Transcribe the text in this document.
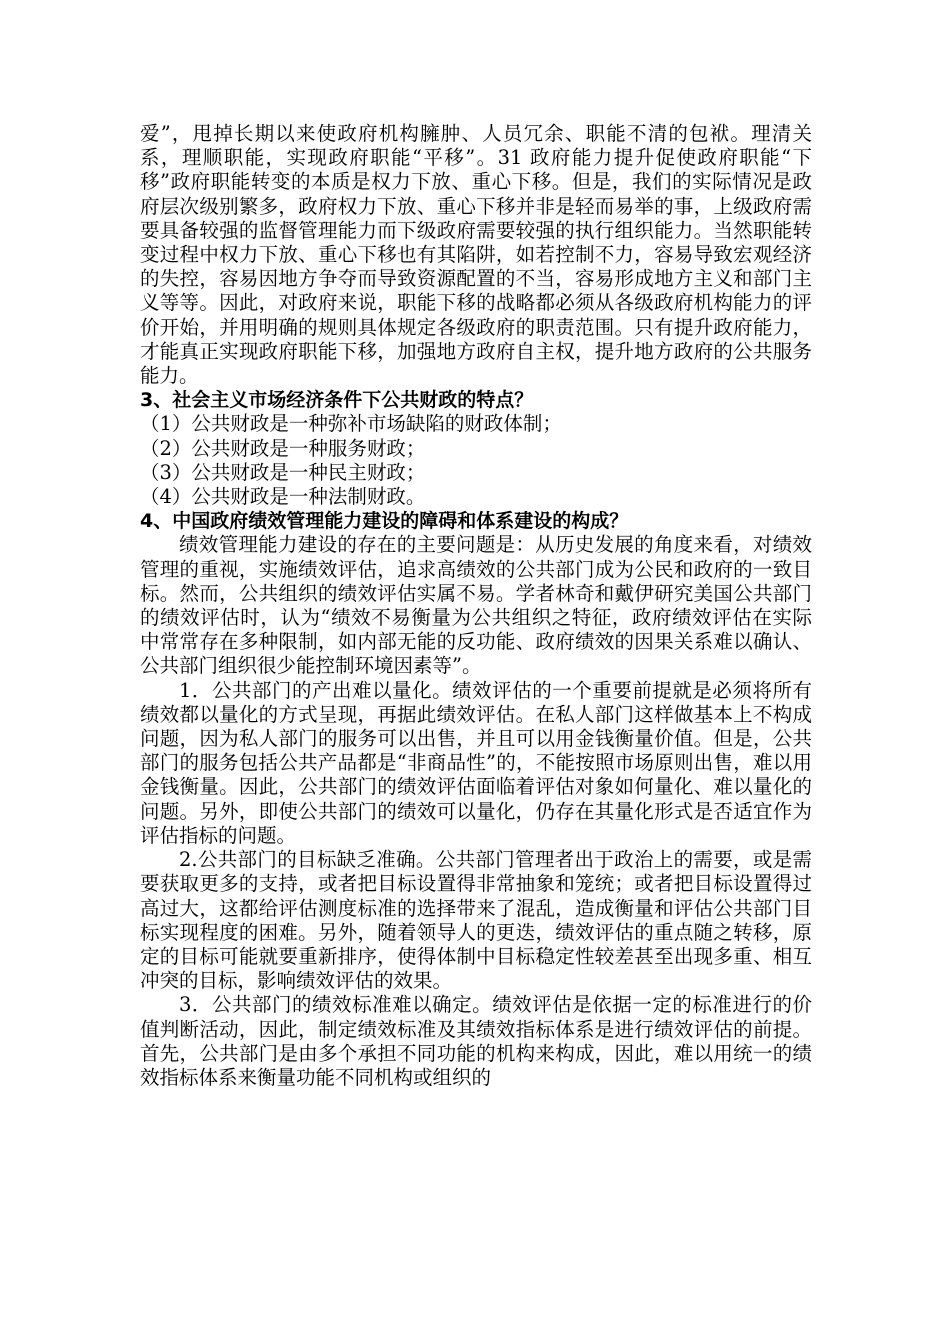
爱”，甩掉长期以来使政府机构臃肿、人员冗余、职能不清的包袱。理清关系，理顺职能，实现政府职能“平移”。31 政府能力提升促使政府职能“下移”政府职能转变的本质是权力下放、重心下移。但是，我们的实际情况是政府层次级别繁多，政府权力下放、重心下移并非是轻而易举的事，上级政府需要具备较强的监督管理能力而下级政府需要较强的执行组织能力。当然职能转变过程中权力下放、重心下移也有其陷阱，如若控制不力，容易导致宏观经济的失控，容易因地方争夺而导致资源配置的不当，容易形成地方主义和部门主义等等。因此，对政府来说，职能下移的战略都必须从各级政府机构能力的评价开始，并用明确的规则具体规定各级政府的职责范围。只有提升政府能力，才能真正实现政府职能下移，加强地方政府自主权，提升地方政府的公共服务能力。

3、社会主义市场经济条件下公共财政的特点？

（1）公共财政是一种弥补市场缺陷的财政体制；

（2）公共财政是一种服务财政；

（3）公共财政是一种民主财政；

（4）公共财政是一种法制财政。

4、中国政府绩效管理能力建设的障碍和体系建设的构成？

绩效管理能力建设的存在的主要问题是：从历史发展的角度来看，对绩效管理的重视，实施绩效评估，追求高绩效的公共部门成为公民和政府的一致目标。然而，公共组织的绩效评估实属不易。学者林奇和戴伊研究美国公共部门的绩效评估时，认为“绩效不易衡量为公共组织之特征，政府绩效评估在实际中常常存在多种限制，如内部无能的反功能、政府绩效的因果关系难以确认、公共部门组织很少能控制环境因素等”。

1．公共部门的产出难以量化。绩效评估的一个重要前提就是必须将所有绩效都以量化的方式呈现，再据此绩效评估。在私人部门这样做基本上不构成问题，因为私人部门的服务可以出售，并且可以用金钱衡量价值。但是，公共部门的服务包括公共产品都是“非商品性”的，不能按照市场原则出售，难以用金钱衡量。因此，公共部门的绩效评估面临着评估对象如何量化、难以量化的问题。另外，即使公共部门的绩效可以量化，仍存在其量化形式是否适宜作为评估指标的问题。

2.公共部门的目标缺乏准确。公共部门管理者出于政治上的需要，或是需要获取更多的支持，或者把目标设置得非常抽象和笼统；或者把目标设置得过高过大，这都给评估测度标准的选择带来了混乱，造成衡量和评估公共部门目标实现程度的困难。另外，随着领导人的更迭，绩效评估的重点随之转移，原定的目标可能就要重新排序，使得体制中目标稳定性较差甚至出现多重、相互冲突的目标，影响绩效评估的效果。

3．公共部门的绩效标准难以确定。绩效评估是依据一定的标准进行的价值判断活动，因此，制定绩效标准及其绩效指标体系是进行绩效评估的前提。首先，公共部门是由多个承担不同功能的机构来构成，因此，难以用统一的绩效指标体系来衡量功能不同机构或组织的
